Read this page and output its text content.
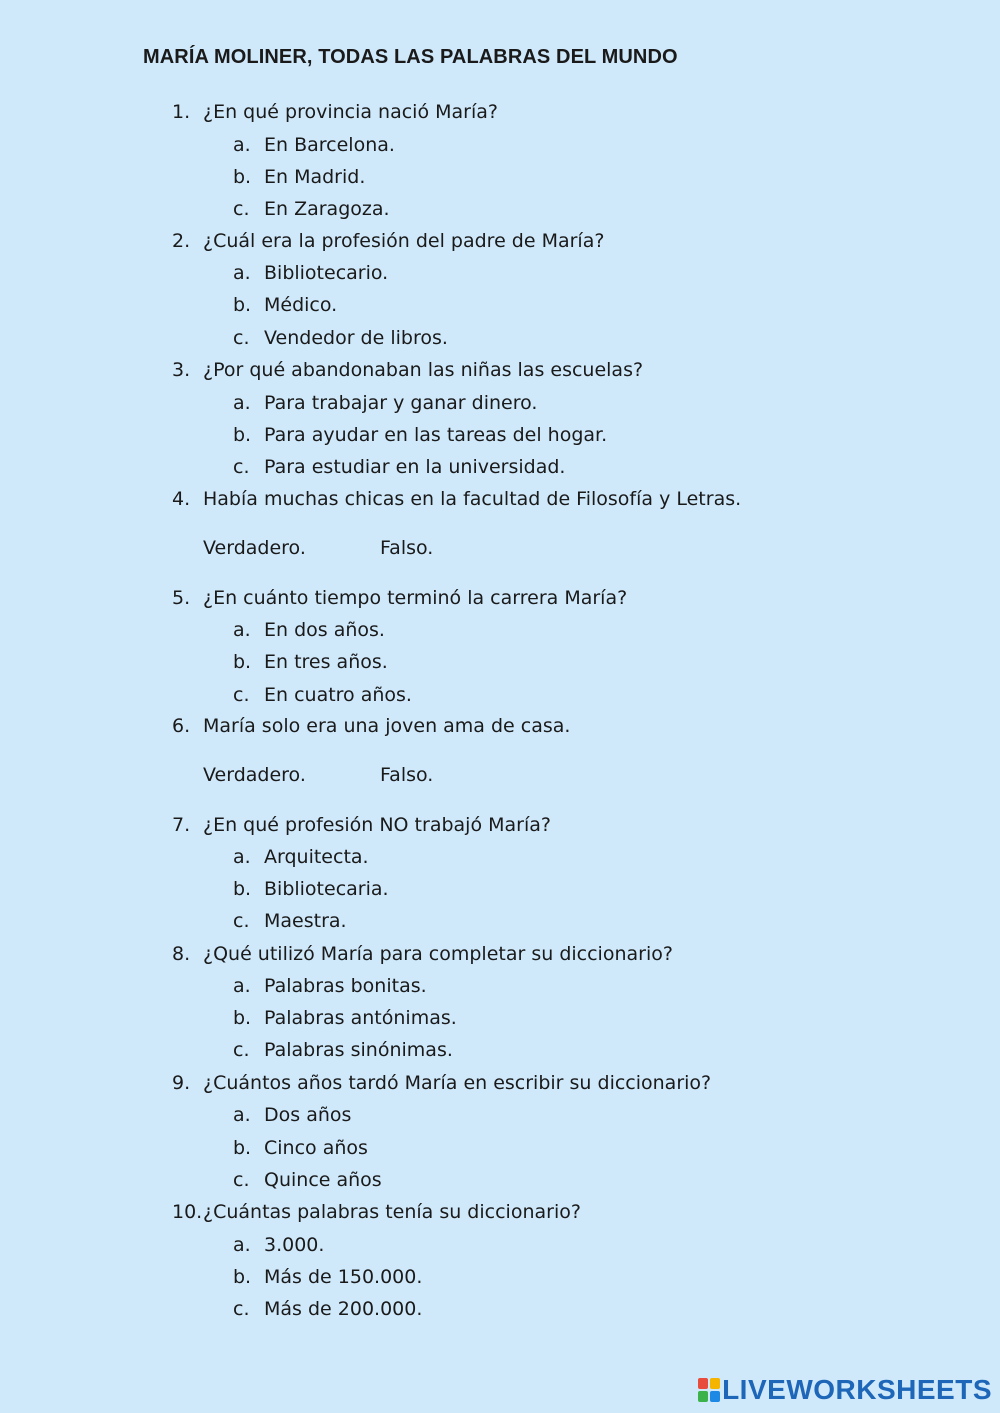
MARÍA MOLINER, TODAS LAS PALABRAS DEL MUNDO
1. ¿En qué provincia nació María?
a. En Barcelona.
b. En Madrid.
c. En Zaragoza.
2. ¿Cuál era la profesión del padre de María?
a. Bibliotecario.
b. Médico.
c. Vendedor de libros.
3. ¿Por qué abandonaban las niñas las escuelas?
a. Para trabajar y ganar dinero.
b. Para ayudar en las tareas del hogar.
c. Para estudiar en la universidad.
4. Había muchas chicas en la facultad de Filosofía y Letras.
Verdadero.	Falso.
5. ¿En cuánto tiempo terminó la carrera María?
a. En dos años.
b. En tres años.
c. En cuatro años.
6. María solo era una joven ama de casa.
Verdadero.	Falso.
7. ¿En qué profesión NO trabajó María?
a. Arquitecta.
b. Bibliotecaria.
c. Maestra.
8. ¿Qué utilizó María para completar su diccionario?
a. Palabras bonitas.
b. Palabras antónimas.
c. Palabras sinónimas.
9. ¿Cuántos años tardó María en escribir su diccionario?
a. Dos años
b. Cinco años
c. Quince años
10. ¿Cuántas palabras tenía su diccionario?
a. 3.000.
b. Más de 150.000.
c. Más de 200.000.
LIVEWORKSHEETS
